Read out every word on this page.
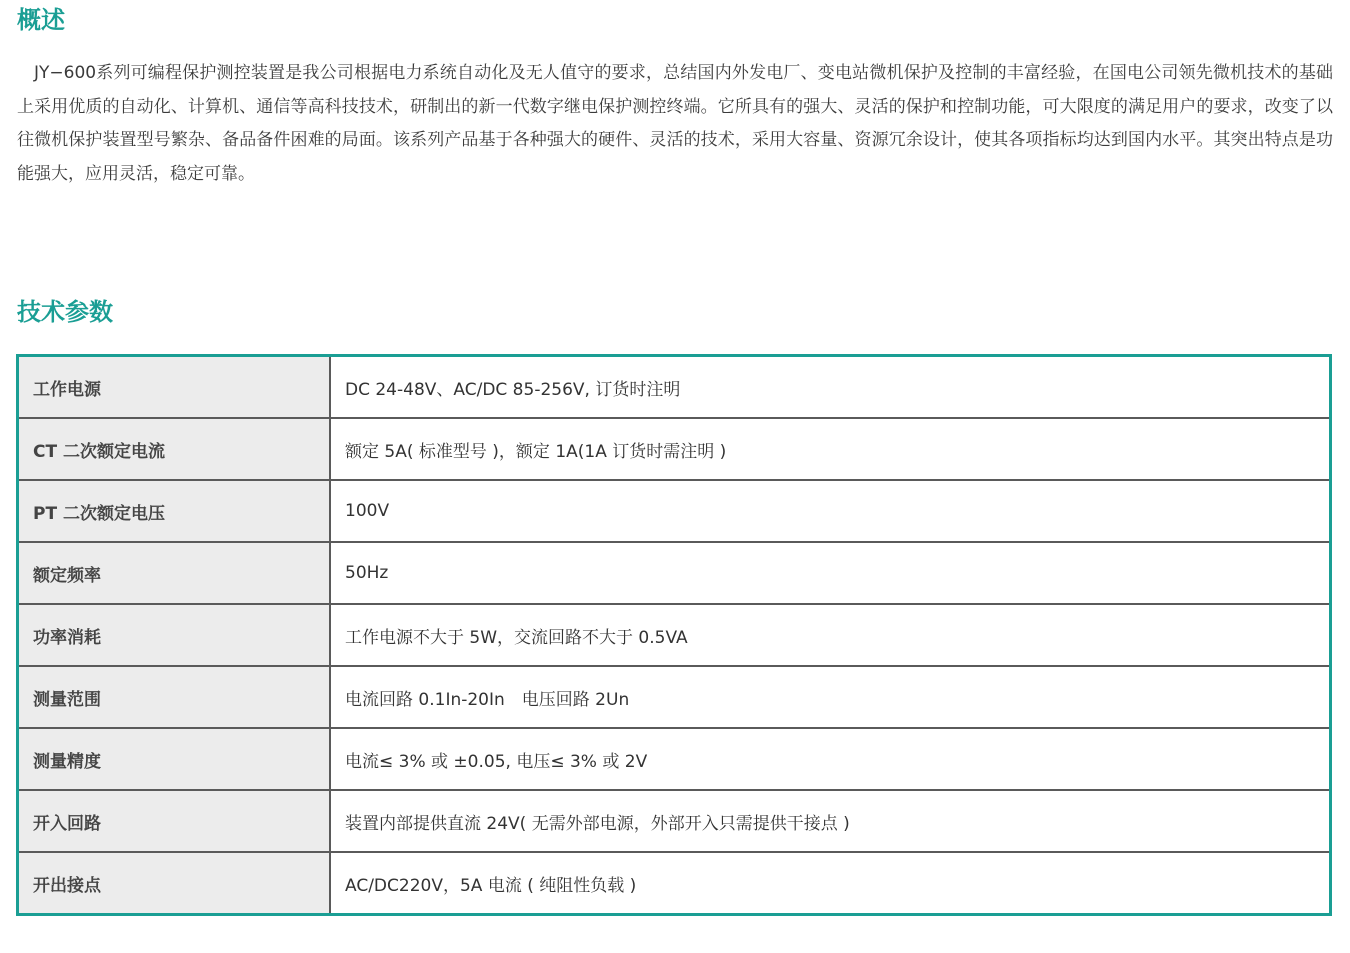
概述

JY−600系列可编程保护测控装置是我公司根据电力系统自动化及无人值守的要求，总结国内外发电厂、变电站微机保护及控制的丰富经验，在国电公司领先微机技术的基础上采用优质的自动化、计算机、通信等高科技技术，研制出的新一代数字继电保护测控终端。它所具有的强大、灵活的保护和控制功能，可大限度的满足用户的要求，改变了以往微机保护装置型号繁杂、备品备件困难的局面。该系列产品基于各种强大的硬件、灵活的技术，采用大容量、资源冗余设计，使其各项指标均达到国内水平。其突出特点是功能强大，应用灵活，稳定可靠。

技术参数
工作电源	DC 24-48V、AC/DC 85-256V, 订货时注明
CT 二次额定电流	额定 5A( 标准型号 )，额定 1A(1A 订货时需注明 )
PT 二次额定电压	100V
额定频率	50Hz
功率消耗	工作电源不大于 5W，交流回路不大于 0.5VA
测量范围	电流回路 0.1In-20In　电压回路 2Un
测量精度	电流≤ 3% 或 ±0.05, 电压≤ 3% 或 2V
开入回路	装置内部提供直流 24V( 无需外部电源，外部开入只需提供干接点 )
开出接点	AC/DC220V，5A 电流 ( 纯阻性负载 )
